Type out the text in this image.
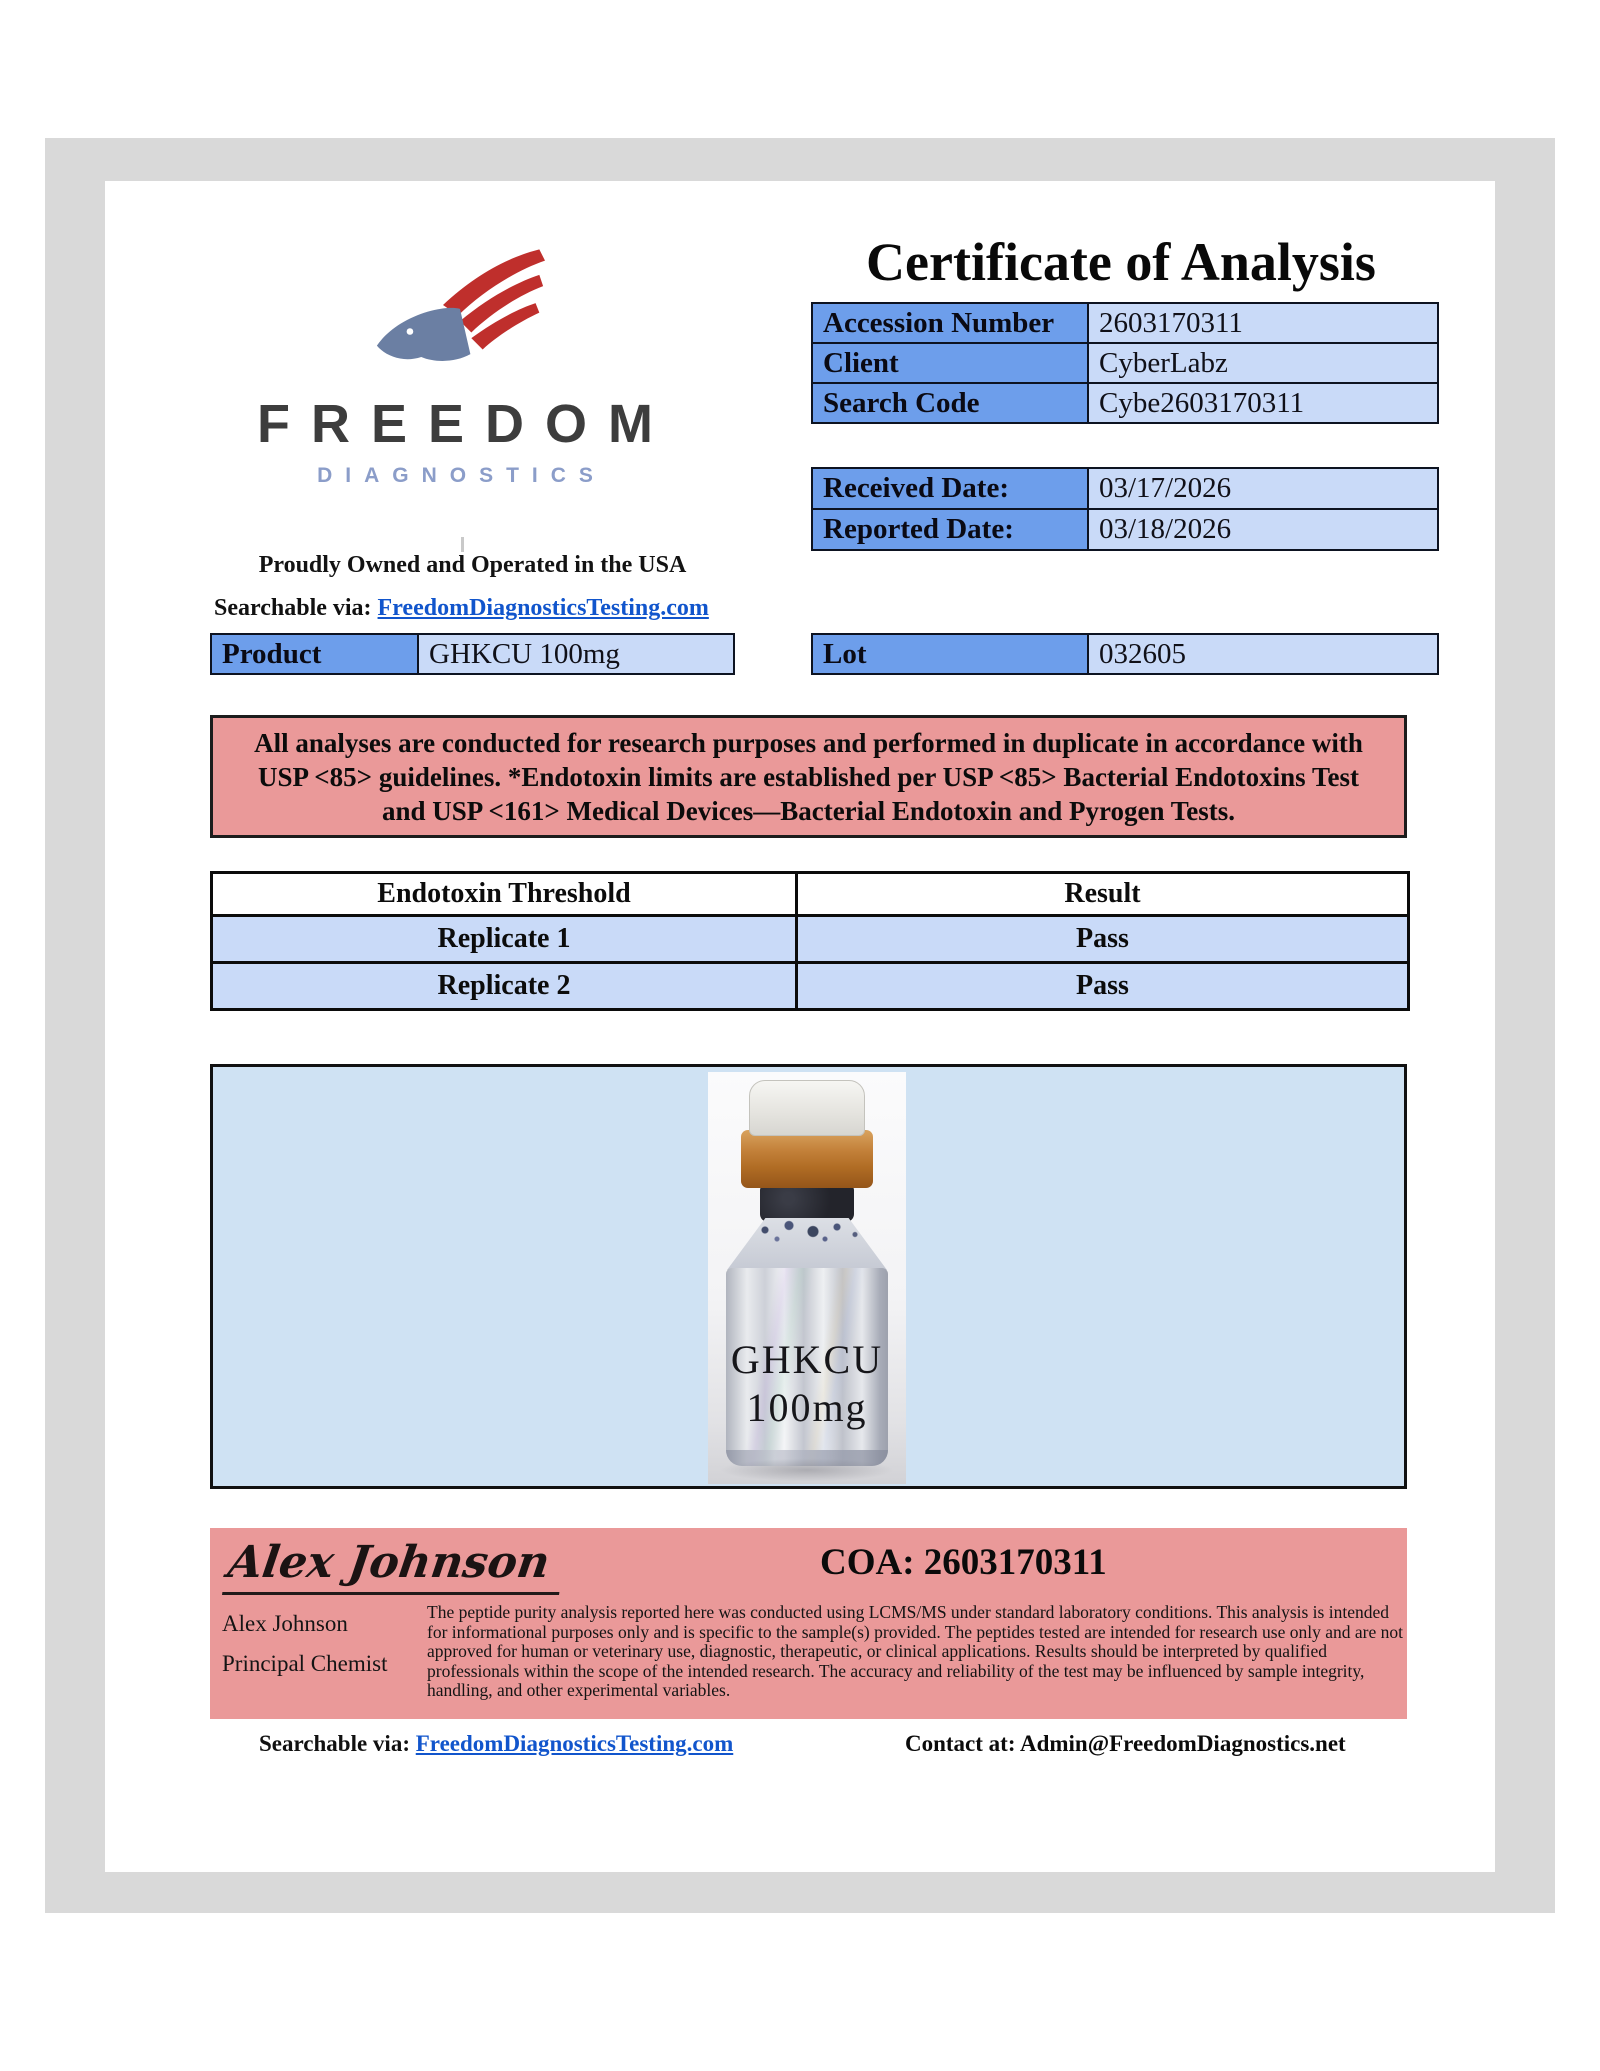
FREEDOM
DIAGNOSTICS
Proudly Owned and Operated in the USA
Searchable via: FreedomDiagnosticsTesting.com
Certificate of Analysis
Accession Number	2603170311
Client	CyberLabz
Search Code	Cybe2603170311
Received Date:	03/17/2026
Reported Date:	03/18/2026
Product	GHKCU 100mg	Lot	032605
All analyses are conducted for research purposes and performed in duplicate in accordance with USP <85> guidelines. *Endotoxin limits are established per USP <85> Bacterial Endotoxins Test and USP <161> Medical Devices—Bacterial Endotoxin and Pyrogen Tests.
Endotoxin Threshold	Result
Replicate 1	Pass
Replicate 2	Pass
GHKCU
100mg
Alex Johnson	COA: 2603170311
Alex Johnson
Principal Chemist
The peptide purity analysis reported here was conducted using LCMS/MS under standard laboratory conditions. This analysis is intended for informational purposes only and is specific to the sample(s) provided. The peptides tested are intended for research use only and are not approved for human or veterinary use, diagnostic, therapeutic, or clinical applications. Results should be interpreted by qualified professionals within the scope of the intended research. The accuracy and reliability of the test may be influenced by sample integrity, handling, and other experimental variables.
Searchable via: FreedomDiagnosticsTesting.com	Contact at: Admin@FreedomDiagnostics.net
